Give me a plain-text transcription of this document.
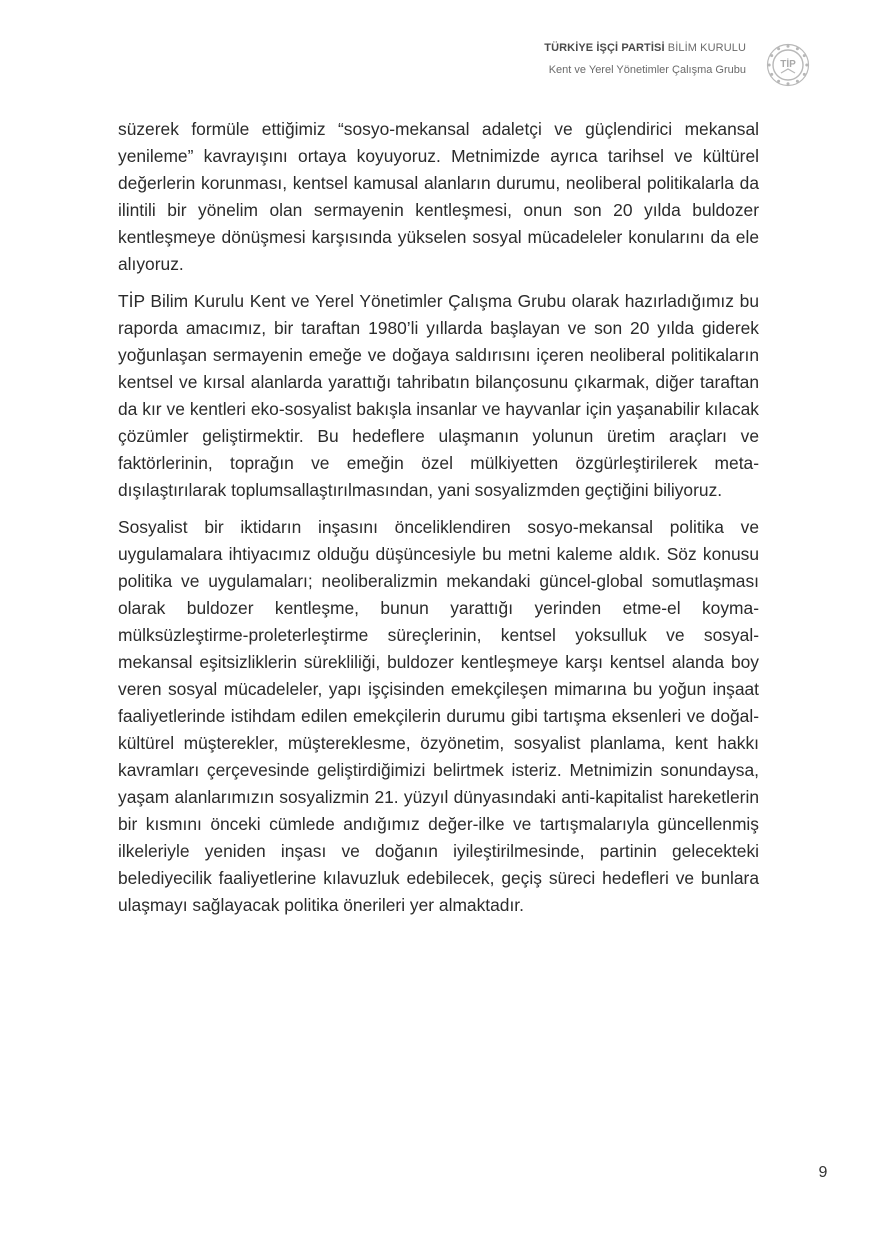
TÜRKİYE İŞÇİ PARTİSİ BİLİM KURULU
Kent ve Yerel Yönetimler Çalışma Grubu	TİP

süzerek formüle ettiğimiz “sosyo-mekansal adaletçi ve güçlendirici mekansal yenileme” kavrayışını ortaya koyuyoruz. Metnimizde ayrıca tarihsel ve kültürel değerlerin korunması, kentsel kamusal alanların durumu, neoliberal politikalarla da ilintili bir yönelim olan sermayenin kentleşmesi, onun son 20 yılda buldozer kentleşmeye dönüşmesi karşısında yükselen sosyal mücadeleler konularını da ele alıyoruz.

TİP Bilim Kurulu Kent ve Yerel Yönetimler Çalışma Grubu olarak hazırladığımız bu raporda amacımız, bir taraftan 1980’li yıllarda başlayan ve son 20 yılda giderek yoğunlaşan sermayenin emeğe ve doğaya saldırısını içeren neoliberal politikaların kentsel ve kırsal alanlarda yarattığı tahribatın bilançosunu çıkarmak, diğer taraftan da kır ve kentleri eko-sosyalist bakışla insanlar ve hayvanlar için yaşanabilir kılacak çözümler geliştirmektir. Bu hedeflere ulaşmanın yolunun üretim araçları ve faktörlerinin, toprağın ve emeğin özel mülkiyetten özgürleştirilerek meta-dışılaştırılarak toplumsallaştırılmasından, yani sosyalizmden geçtiğini biliyoruz.

Sosyalist bir iktidarın inşasını önceliklendiren sosyo-mekansal politika ve uygulamalara ihtiyacımız olduğu düşüncesiyle bu metni kaleme aldık. Söz konusu politika ve uygulamaları; neoliberalizmin mekandaki güncel-global somutlaşması olarak buldozer kentleşme, bunun yarattığı yerinden etme-el koyma-mülksüzleştirme-proleterleştirme süreçlerinin, kentsel yoksulluk ve sosyal-mekansal eşitsizliklerin sürekliliği, buldozer kentleşmeye karşı kentsel alanda boy veren sosyal mücadeleler, yapı işçisinden emekçileşen mimarına bu yoğun inşaat faaliyetlerinde istihdam edilen emekçilerin durumu gibi tartışma eksenleri ve doğal-kültürel müşterekler, müştereklesme, özyönetim, sosyalist planlama, kent hakkı kavramları çerçevesinde geliştirdiğimizi belirtmek isteriz. Metnimizin sonundaysa, yaşam alanlarımızın sosyalizmin 21. yüzyıl dünyasındaki anti-kapitalist hareketlerin bir kısmını önceki cümlede andığımız değer-ilke ve tartışmalarıyla güncellenmiş ilkeleriyle yeniden inşası ve doğanın iyileştirilmesinde, partinin gelecekteki belediyecilik faaliyetlerine kılavuzluk edebilecek, geçiş süreci hedefleri ve bunlara ulaşmayı sağlayacak politika önerileri yer almaktadır.

9
